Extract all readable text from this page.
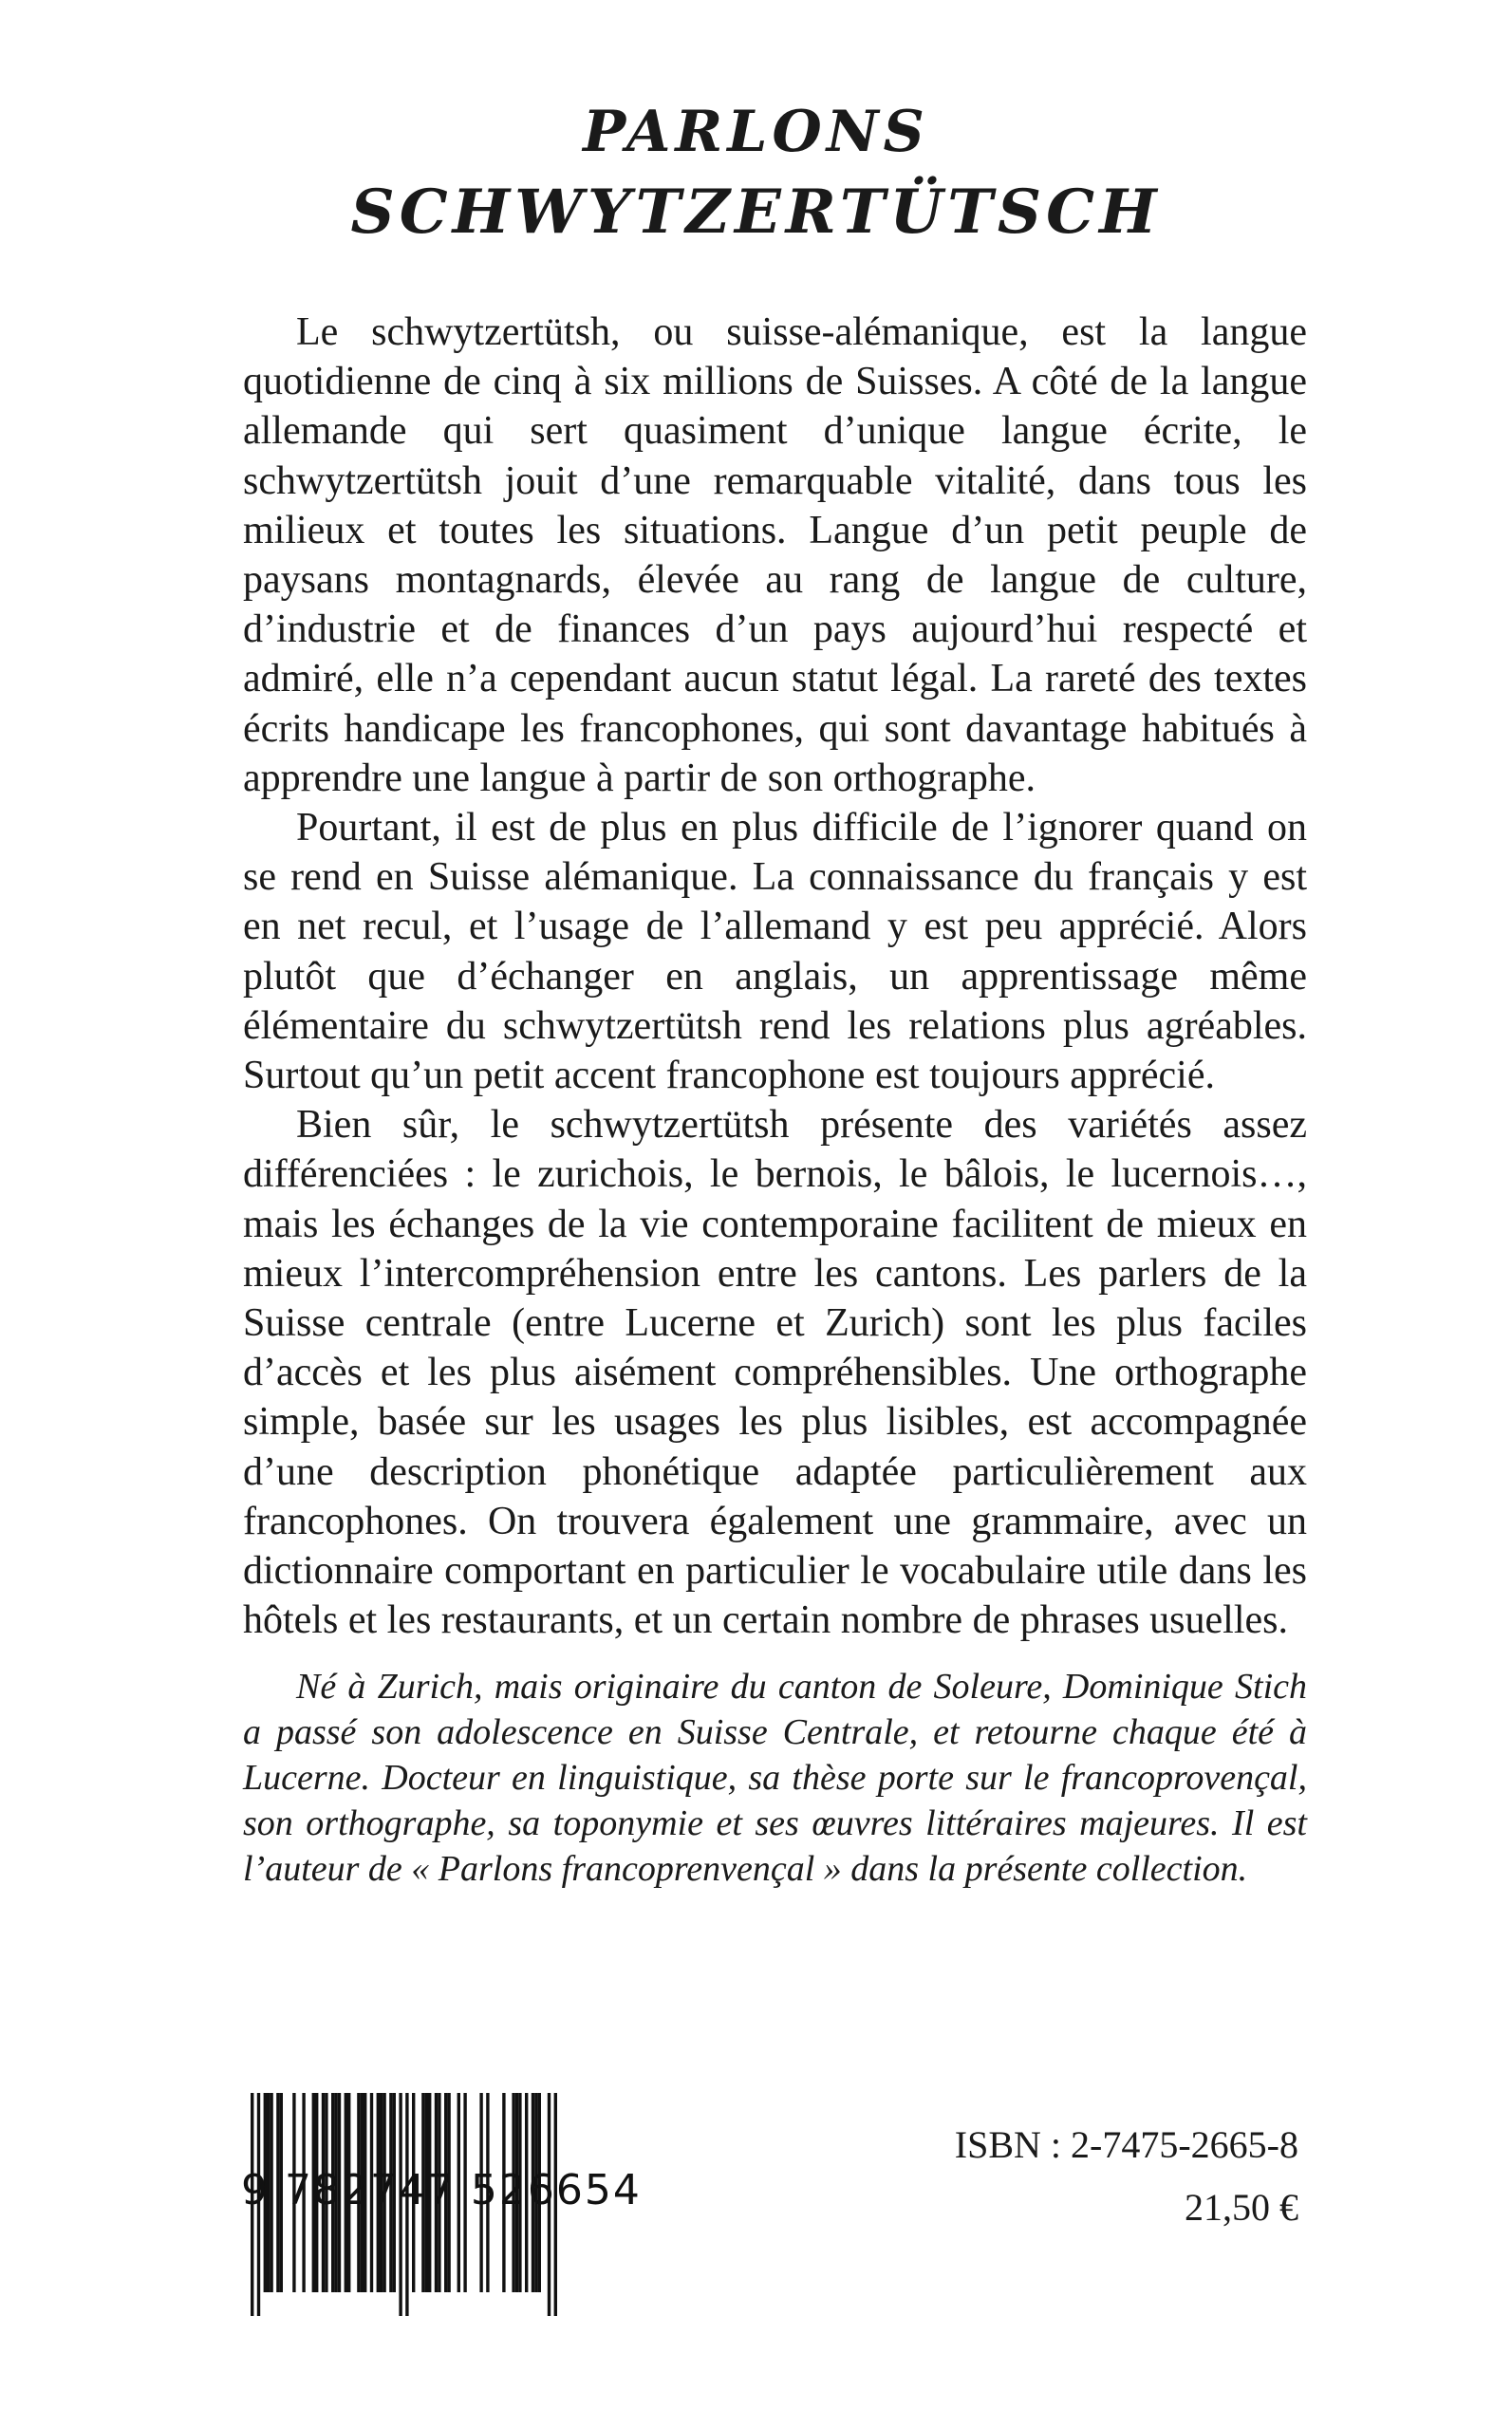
PARLONS
SCHWYTZERTÜTSCH

Le schwytzertütsh, ou suisse-alémanique, est la langue quotidienne de cinq à six millions de Suisses. A côté de la langue allemande qui sert quasiment d’unique langue écrite, le schwytzertütsh jouit d’une remarquable vitalité, dans tous les milieux et toutes les situations. Langue d’un petit peuple de paysans montagnards, élevée au rang de langue de culture, d’industrie et de finances d’un pays aujourd’hui respecté et admiré, elle n’a cependant aucun statut légal. La rareté des textes écrits handicape les francophones, qui sont davantage habitués à apprendre une langue à partir de son orthographe.

Pourtant, il est de plus en plus difficile de l’ignorer quand on se rend en Suisse alémanique. La connaissance du français y est en net recul, et l’usage de l’allemand y est peu apprécié. Alors plutôt que d’échanger en anglais, un apprentissage même élémentaire du schwytzertütsh rend les relations plus agréables. Surtout qu’un petit accent francophone est toujours apprécié.

Bien sûr, le schwytzertütsh présente des variétés assez différenciées : le zurichois, le bernois, le bâlois, le lucernois…, mais les échanges de la vie contemporaine facilitent de mieux en mieux l’intercompréhension entre les cantons. Les parlers de la Suisse centrale (entre Lucerne et Zurich) sont les plus faciles d’accès et les plus aisément compréhensibles. Une orthographe simple, basée sur les usages les plus lisibles, est accompagnée d’une description phonétique adaptée particulièrement aux francophones. On trouvera également une grammaire, avec un dictionnaire comportant en particulier le vocabulaire utile dans les hôtels et les restaurants, et un certain nombre de phrases usuelles.

Né à Zurich, mais originaire du canton de Soleure, Dominique Stich a passé son adolescence en Suisse Centrale, et retourne chaque été à Lucerne. Docteur en linguistique, sa thèse porte sur le francoprovençal, son orthographe, sa toponymie et ses œuvres littéraires majeures. Il est l’auteur de « Parlons francoprenvençal » dans la présente collection.

9 782747 526654
ISBN : 2-7475-2665-8
21,50 €
